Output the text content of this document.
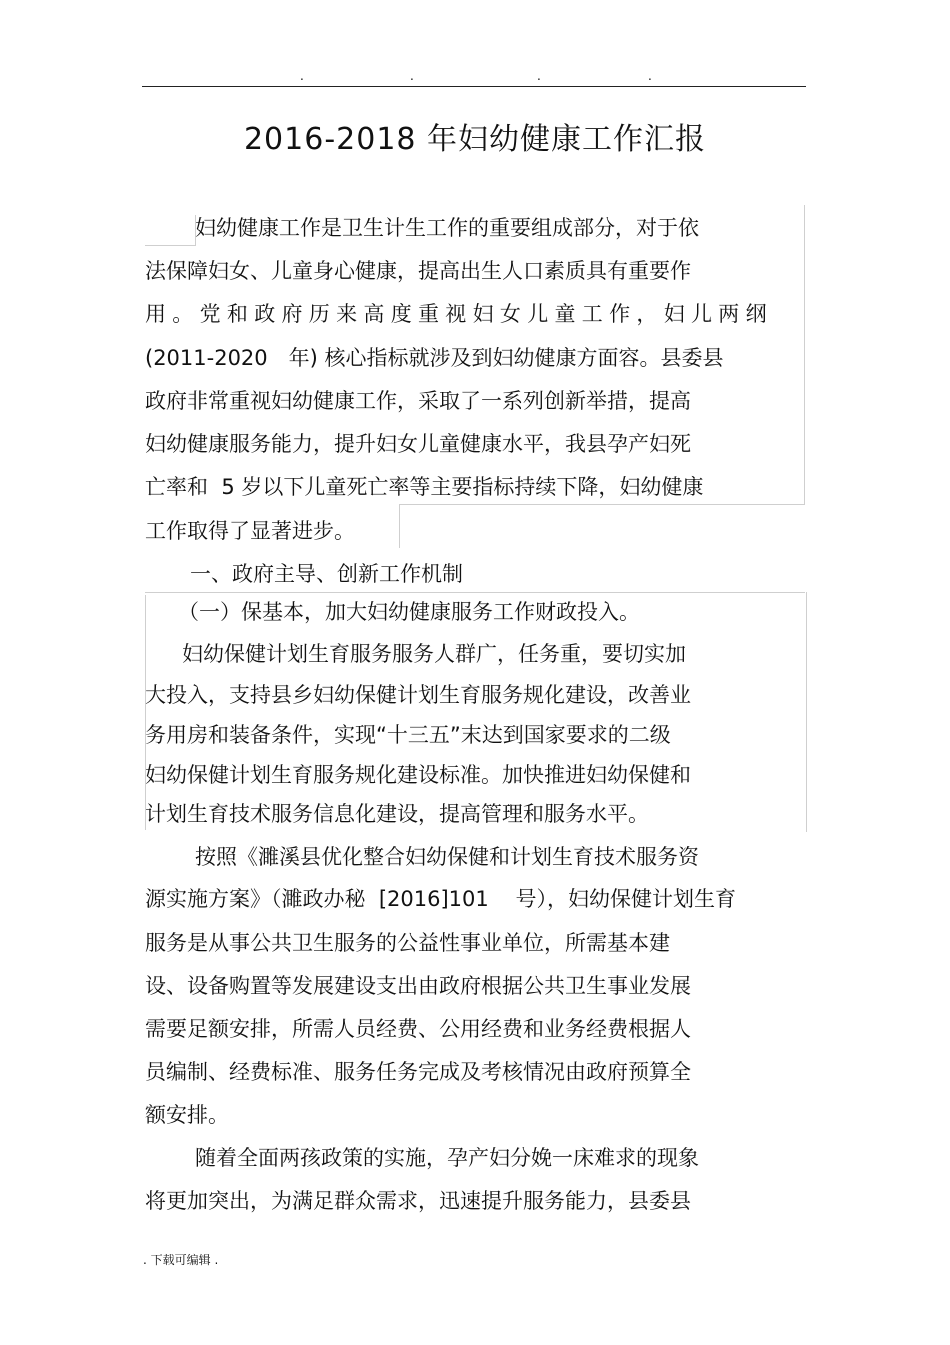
.	.	.	.
2016-2018 年妇幼健康工作汇报
妇幼健康工作是卫生计生工作的重要组成部分，对于依
法保障妇女、儿童身心健康，提高出生人口素质具有重要作
用。党和政府历来高度重视妇女儿童工作，妇儿两纲
(2011-2020　年) 核心指标就涉及到妇幼健康方面容。县委县
政府非常重视妇幼健康工作，采取了一系列创新举措，提高
妇幼健康服务能力，提升妇女儿童健康水平，我县孕产妇死
亡率和  5 岁以下儿童死亡率等主要指标持续下降，妇幼健康
工作取得了显著进步。
一、政府主导、创新工作机制
（一）保基本，加大妇幼健康服务工作财政投入。
妇幼保健计划生育服务服务人群广，任务重，要切实加
大投入，支持县乡妇幼保健计划生育服务规化建设，改善业
务用房和装备条件，实现“十三五”末达到国家要求的二级
妇幼保健计划生育服务规化建设标准。加快推进妇幼保健和
计划生育技术服务信息化建设，提高管理和服务水平。
按照《濉溪县优化整合妇幼保健和计划生育技术服务资
源实施方案》（濉政办秘  [2016]101    号），妇幼保健计划生育
服务是从事公共卫生服务的公益性事业单位，所需基本建
设、设备购置等发展建设支出由政府根据公共卫生事业发展
需要足额安排，所需人员经费、公用经费和业务经费根据人
员编制、经费标准、服务任务完成及考核情况由政府预算全
额安排。
随着全面两孩政策的实施，孕产妇分娩一床难求的现象
将更加突出，为满足群众需求，迅速提升服务能力，县委县
. 下载可编辑 .
